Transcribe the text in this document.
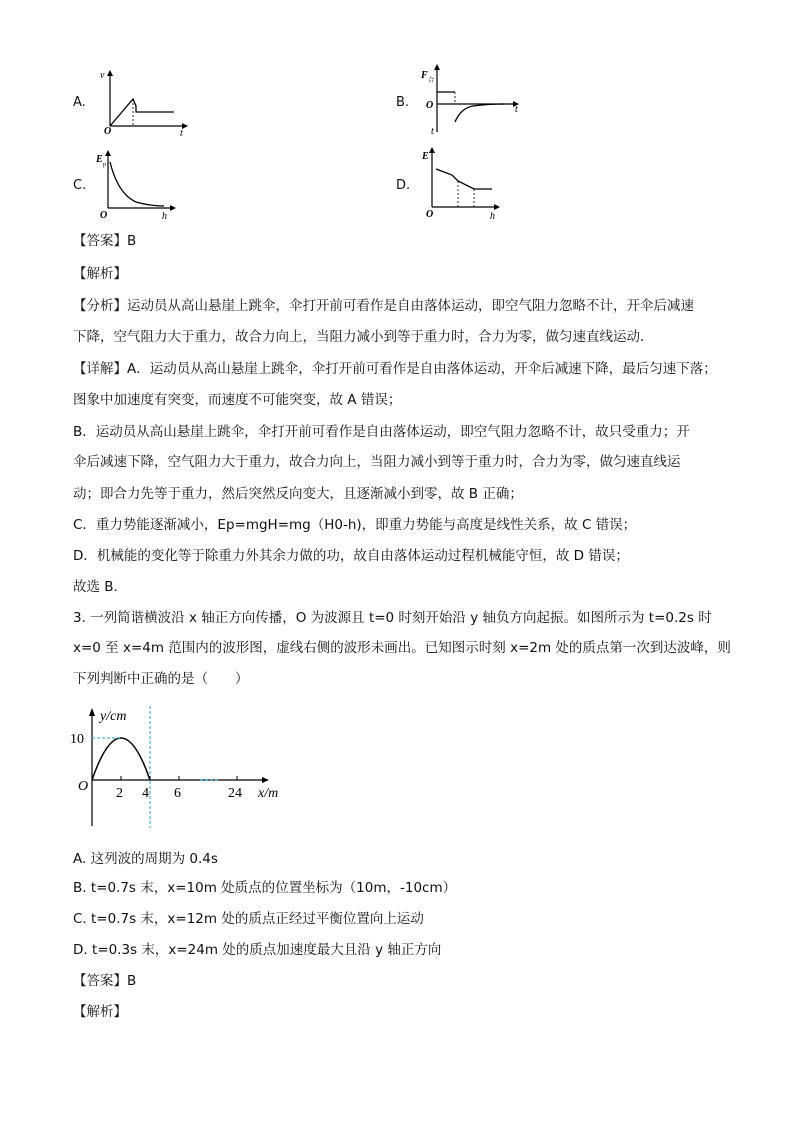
A.
v
O	t
B.
F 合
O	t
t
C.
E p
O	h
D.
E
O	h
【答案】B
【解析】
【分析】运动员从高山悬崖上跳伞，伞打开前可看作是自由落体运动，即空气阻力忽略不计，开伞后减速
下降，空气阻力大于重力，故合力向上，当阻力减小到等于重力时，合力为零，做匀速直线运动．
【详解】A．运动员从高山悬崖上跳伞，伞打开前可看作是自由落体运动，开伞后减速下降，最后匀速下落；
图象中加速度有突变，而速度不可能突变，故 A 错误；
B．运动员从高山悬崖上跳伞，伞打开前可看作是自由落体运动，即空气阻力忽略不计，故只受重力；开
伞后减速下降，空气阻力大于重力，故合力向上，当阻力减小到等于重力时，合力为零，做匀速直线运
动；即合力先等于重力，然后突然反向变大，且逐渐减小到零，故 B 正确；
C．重力势能逐渐减小，Ep=mgH=mg（H0-h)，即重力势能与高度是线性关系，故 C 错误；
D．机械能的变化等于除重力外其余力做的功，故自由落体运动过程机械能守恒，故 D 错误；
故选 B．
3. 一列简谐横波沿 x 轴正方向传播，O 为波源且 t=0 时刻开始沿 y 轴负方向起振。如图所示为 t=0.2s 时
x=0 至 x=4m 范围内的波形图，虚线右侧的波形未画出。已知图示时刻 x=2m 处的质点第一次到达波峰，则
下列判断中正确的是（　　）
y/cm
10
O 2 4 6	24 x/m
A. 这列波的周期为 0.4s
B. t=0.7s 末，x=10m 处质点的位置坐标为（10m，-10cm）
C. t=0.7s 末，x=12m 处的质点正经过平衡位置向上运动
D. t=0.3s 末，x=24m 处的质点加速度最大且沿 y 轴正方向
【答案】B
【解析】
